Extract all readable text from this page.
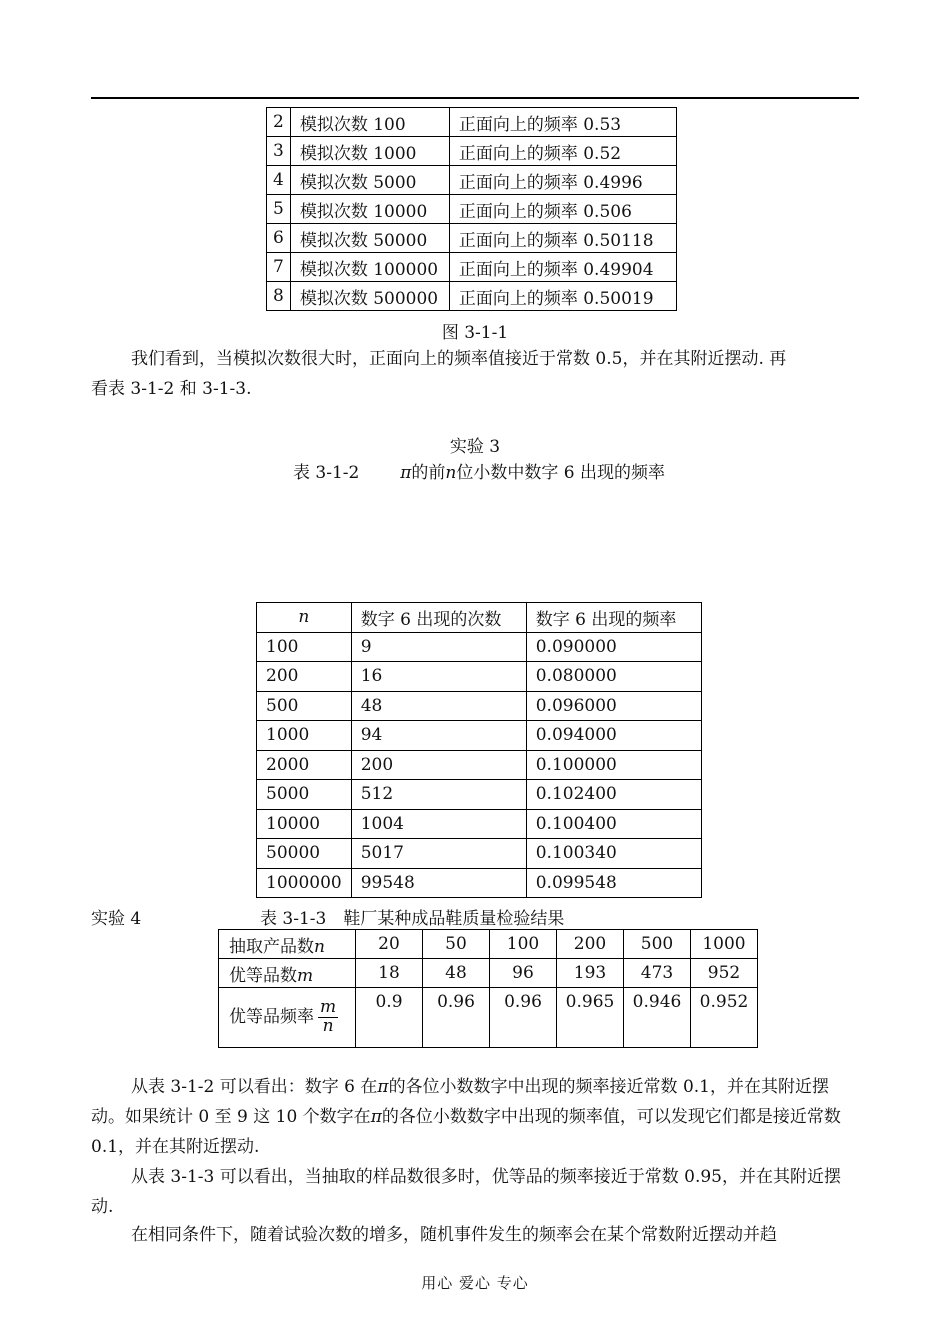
2	模拟次数 100	正面向上的频率 0.53
3	模拟次数 1000	正面向上的频率 0.52
4	模拟次数 5000	正面向上的频率 0.4996
5	模拟次数 10000	正面向上的频率 0.506
6	模拟次数 50000	正面向上的频率 0.50118
7	模拟次数 100000	正面向上的频率 0.49904
8	模拟次数 500000	正面向上的频率 0.50019
图 3-1-1
我们看到，当模拟次数很大时，正面向上的频率值接近于常数 0.5，并在其附近摆动. 再
看表 3-1-2 和 3-1-3.
实验 3
表 3-1-2 π的前n位小数中数字 6 出现的频率
n	数字 6 出现的次数	数字 6 出现的频率
100	9	0.090000
200	16	0.080000
500	48	0.096000
1000	94	0.094000
2000	200	0.100000
5000	512	0.102400
10000	1004	0.100400
50000	5017	0.100340
1000000	99548	0.099548
实验 4	表 3-1-3　鞋厂某种成品鞋质量检验结果
抽取产品数n	20	50	100	200	500	1000
优等品数m	18	48	96	193	473	952
优等品频率 $\frac{m}{n}$	0.9	0.96	0.96	0.965	0.946	0.952
从表 3-1-2 可以看出：数字 6 在π的各位小数数字中出现的频率接近常数 0.1，并在其附近摆动。如果统计 0 至 9 这 10 个数字在π的各位小数数字中出现的频率值，可以发现它们都是接近常数 0.1，并在其附近摆动.
从表 3-1-3 可以看出，当抽取的样品数很多时，优等品的频率接近于常数 0.95，并在其附近摆动.
在相同条件下，随着试验次数的增多，随机事件发生的频率会在某个常数附近摆动并趋
用心 爱心 专心
